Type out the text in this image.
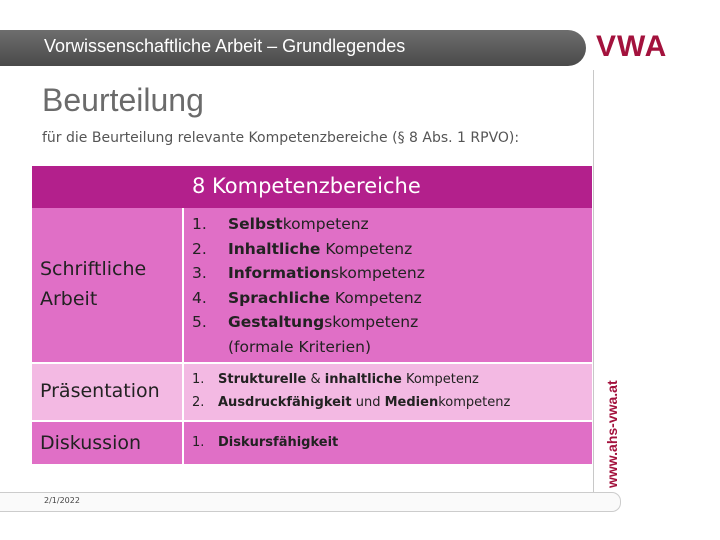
Vorwissenschaftliche Arbeit – Grundlegendes	VWA
www.ahs-vwa.at
Beurteilung
für die Beurteilung relevante Kompetenzbereiche (§ 8 Abs. 1 RPVO):
8 Kompetenzbereiche
Schriftliche
Arbeit
1. Selbstkompetenz
2. Inhaltliche Kompetenz
3. Informationskompetenz
4. Sprachliche Kompetenz
5. Gestaltungskompetenz
(formale Kriterien)
Präsentation
1. Strukturelle & inhaltliche Kompetenz
2. Ausdruckfähigkeit und Medienkompetenz
Diskussion	1. Diskursfähigkeit
2/1/2022
